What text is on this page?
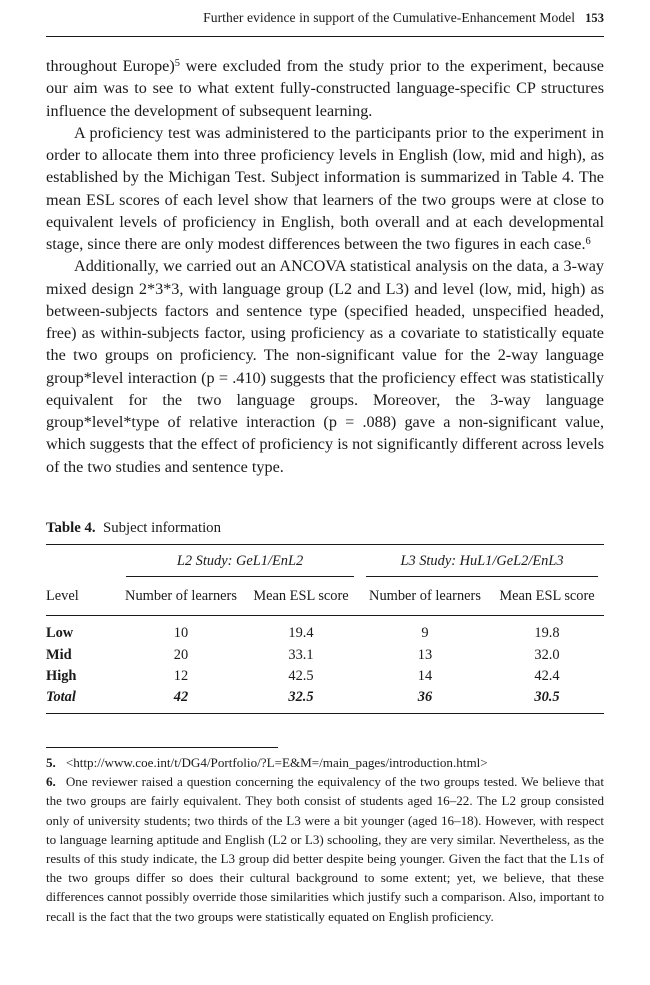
Further evidence in support of the Cumulative-Enhancement Model 153

throughout Europe)$^5$ were excluded from the study prior to the experiment, because our aim was to see to what extent fully-constructed language-specific CP structures influence the development of subsequent learning.

A proficiency test was administered to the participants prior to the experiment in order to allocate them into three proficiency levels in English (low, mid and high), as established by the Michigan Test. Subject information is summarized in Table 4. The mean ESL scores of each level show that learners of the two groups were at close to equivalent levels of proficiency in English, both overall and at each developmental stage, since there are only modest differences between the two figures in each case.$^6$

Additionally, we carried out an ANCOVA statistical analysis on the data, a 3-way mixed design 2*3*3, with language group (L2 and L3) and level (low, mid, high) as between-subjects factors and sentence type (specified headed, unspecified headed, free) as within-subjects factor, using proficiency as a covariate to statistically equate the two groups on proficiency. The non-significant value for the 2-way language group*level interaction (p = .410) suggests that the proficiency effect was statistically equivalent for the two language groups. Moreover, the 3-way language group*level*type of relative interaction (p = .088) gave a non-significant value, which suggests that the effect of proficiency is not significantly different across levels of the two studies and sentence type.

Table 4. Subject information

	L2 Study: GeL1/EnL2		L3 Study: HuL1/GeL2/EnL3	

Level	Number of learners	Mean ESL score	Number of learners	Mean ESL score
Low	10	19.4	9	19.8
Mid	20	33.1	13	32.0
High	12	42.5	14	42.4
Total	42	32.5	36	30.5

5. <http://www.coe.int/t/DG4/Portfolio/?L=E&M=/main_pages/introduction.html>

6. One reviewer raised a question concerning the equivalency of the two groups tested. We believe that the two groups are fairly equivalent. They both consist of students aged 16–22. The L2 group consisted only of university students; two thirds of the L3 were a bit younger (aged 16–18). However, with respect to language learning aptitude and English (L2 or L3) schooling, they are very similar. Nevertheless, as the results of this study indicate, the L3 group did better despite being younger. Given the fact that the L1s of the two groups differ so does their cultural background to some extent; yet, we believe, that these differences cannot possibly override those similarities which justify such a comparison. Also, important to recall is the fact that the two groups were statistically equated on English proficiency.
